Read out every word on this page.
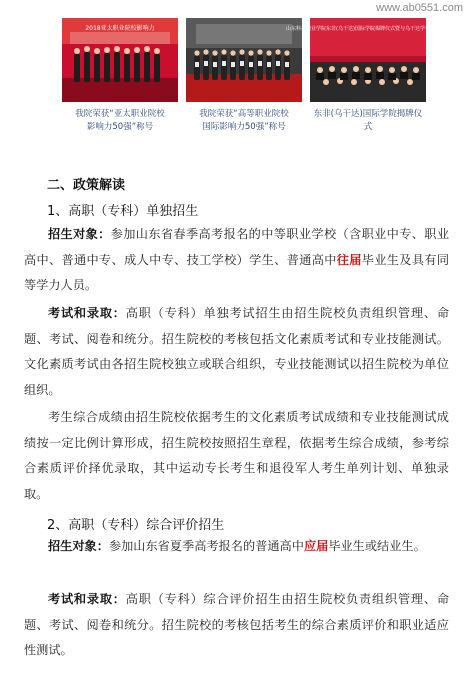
www.ab0551.com
2018亚太职业院校影响力
我院荣获“亚太职业院校
影响力50强”称号
我院荣获“高等职业院校
国际影响力50强”称号
山东科技职业学院东非(乌干达)国际学院揭牌仪式暨与乌干达学生开学典礼
东非(乌干达)国际学院揭牌仪式
二、政策解读
1、高职（专科）单独招生
招生对象：参加山东省春季高考报名的中等职业学校（含职业中专、职业高中、普通中专、成人中专、技工学校）学生、普通高中往届毕业生及具有同等学力人员。
考试和录取：高职（专科）单独考试招生由招生院校负责组织管理、命题、考试、阅卷和统分。招生院校的考核包括文化素质考试和专业技能测试。文化素质考试由各招生院校独立或联合组织，专业技能测试以招生院校为单位组织。
考生综合成绩由招生院校依据考生的文化素质考试成绩和专业技能测试成绩按一定比例计算形成，招生院校按照招生章程，依据考生综合成绩，参考综合素质评价择优录取，其中运动专长考生和退役军人考生单列计划、单独录取。
2、高职（专科）综合评价招生
招生对象：参加山东省夏季高考报名的普通高中应届毕业生或结业生。
考试和录取：高职（专科）综合评价招生由招生院校负责组织管理、命题、考试、阅卷和统分。招生院校的考核包括考生的综合素质评价和职业适应性测试。
